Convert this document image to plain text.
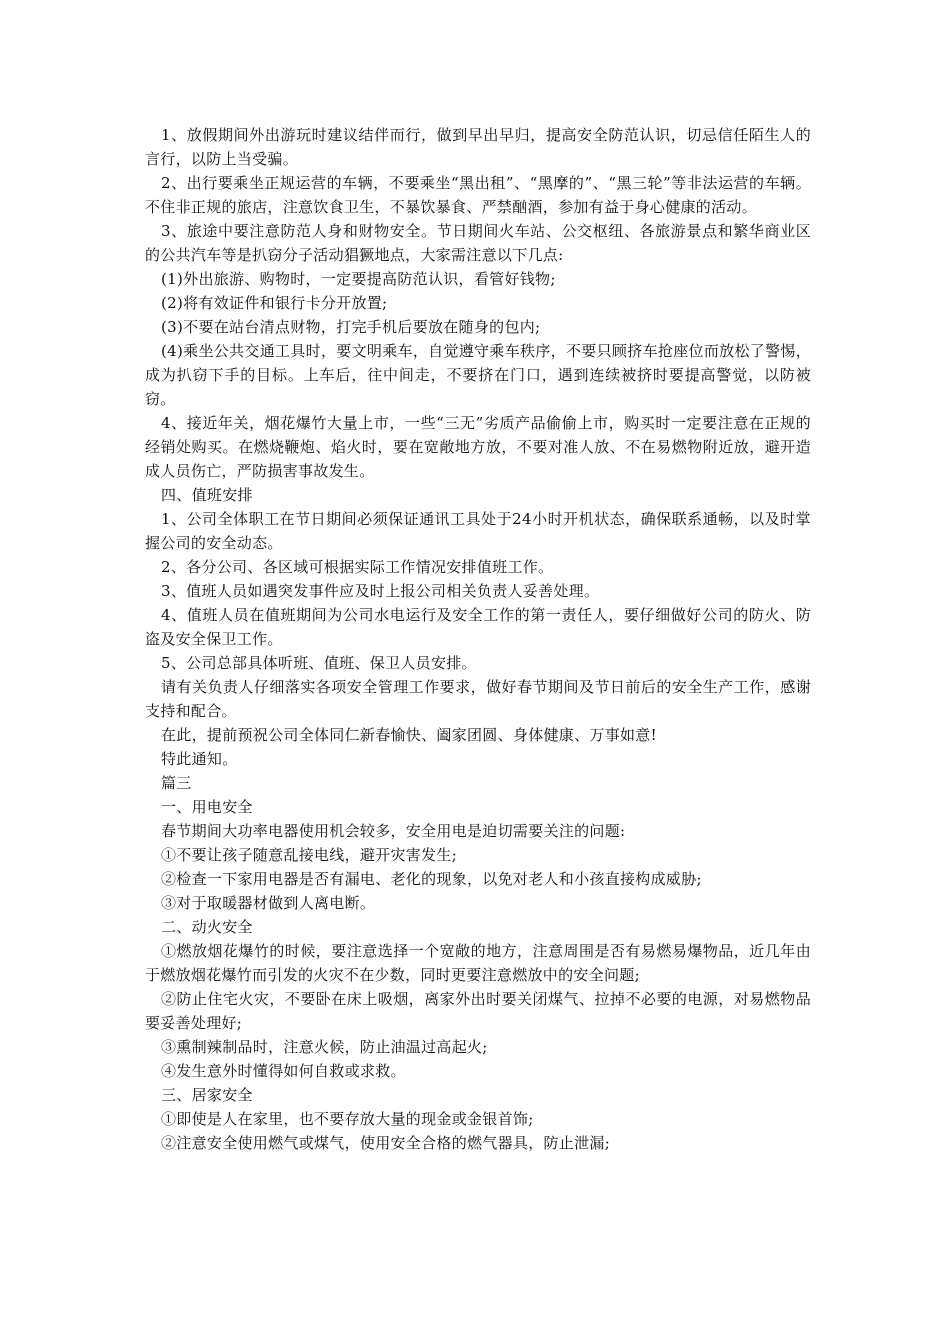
1、放假期间外出游玩时建议结伴而行，做到早出早归，提高安全防范认识，切忌信任陌生人的言行，以防上当受骗。

2、出行要乘坐正规运营的车辆，不要乘坐“黑出租”、“黑摩的”、“黑三轮”等非法运营的车辆。不住非正规的旅店，注意饮食卫生，不暴饮暴食、严禁酗酒，参加有益于身心健康的活动。

3、旅途中要注意防范人身和财物安全。节日期间火车站、公交枢纽、各旅游景点和繁华商业区的公共汽车等是扒窃分子活动猖獗地点，大家需注意以下几点:

(1)外出旅游、购物时，一定要提高防范认识，看管好钱物;

(2)将有效证件和银行卡分开放置;

(3)不要在站台清点财物，打完手机后要放在随身的包内;

(4)乘坐公共交通工具时，要文明乘车，自觉遵守乘车秩序，不要只顾挤车抢座位而放松了警惕，成为扒窃下手的目标。上车后，往中间走，不要挤在门口，遇到连续被挤时要提高警觉，以防被窃。

4、接近年关，烟花爆竹大量上市，一些“三无”劣质产品偷偷上市，购买时一定要注意在正规的经销处购买。在燃烧鞭炮、焰火时，要在宽敞地方放，不要对准人放、不在易燃物附近放，避开造成人员伤亡，严防损害事故发生。

四、值班安排

1、公司全体职工在节日期间必须保证通讯工具处于24小时开机状态，确保联系通畅，以及时掌握公司的安全动态。

2、各分公司、各区域可根据实际工作情况安排值班工作。

3、值班人员如遇突发事件应及时上报公司相关负责人妥善处理。

4、值班人员在值班期间为公司水电运行及安全工作的第一责任人，要仔细做好公司的防火、防盗及安全保卫工作。

5、公司总部具体听班、值班、保卫人员安排。

请有关负责人仔细落实各项安全管理工作要求，做好春节期间及节日前后的安全生产工作，感谢支持和配合。

在此，提前预祝公司全体同仁新春愉快、阖家团圆、身体健康、万事如意!

特此通知。

篇三

一、用电安全

春节期间大功率电器使用机会较多，安全用电是迫切需要关注的问题:

①不要让孩子随意乱接电线，避开灾害发生;

②检查一下家用电器是否有漏电、老化的现象，以免对老人和小孩直接构成威胁;

③对于取暖器材做到人离电断。

二、动火安全

①燃放烟花爆竹的时候，要注意选择一个宽敞的地方，注意周围是否有易燃易爆物品，近几年由于燃放烟花爆竹而引发的火灾不在少数，同时更要注意燃放中的安全问题;

②防止住宅火灾，不要卧在床上吸烟，离家外出时要关闭煤气、拉掉不必要的电源，对易燃物品要妥善处理好;

③熏制辣制品时，注意火候，防止油温过高起火;

④发生意外时懂得如何自救或求救。

三、居家安全

①即使是人在家里，也不要存放大量的现金或金银首饰;

②注意安全使用燃气或煤气，使用安全合格的燃气器具，防止泄漏;
